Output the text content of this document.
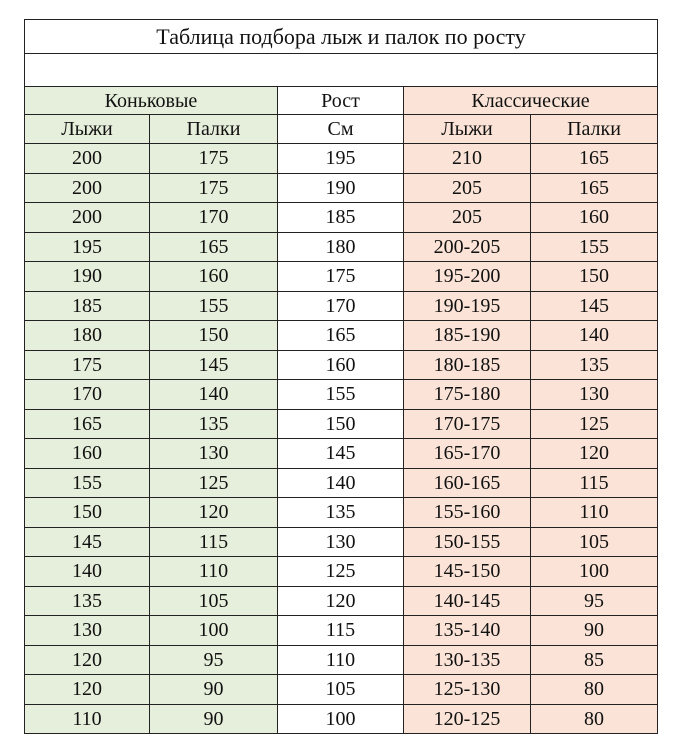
Таблица подбора лыж и палок по росту				

Коньковые		Рост	Классические	
Лыжи	Палки	См	Лыжи	Палки
200	175	195	210	165
200	175	190	205	165
200	170	185	205	160
195	165	180	200-205	155
190	160	175	195-200	150
185	155	170	190-195	145
180	150	165	185-190	140
175	145	160	180-185	135
170	140	155	175-180	130
165	135	150	170-175	125
160	130	145	165-170	120
155	125	140	160-165	115
150	120	135	155-160	110
145	115	130	150-155	105
140	110	125	145-150	100
135	105	120	140-145	95
130	100	115	135-140	90
120	95	110	130-135	85
120	90	105	125-130	80
110	90	100	120-125	80
